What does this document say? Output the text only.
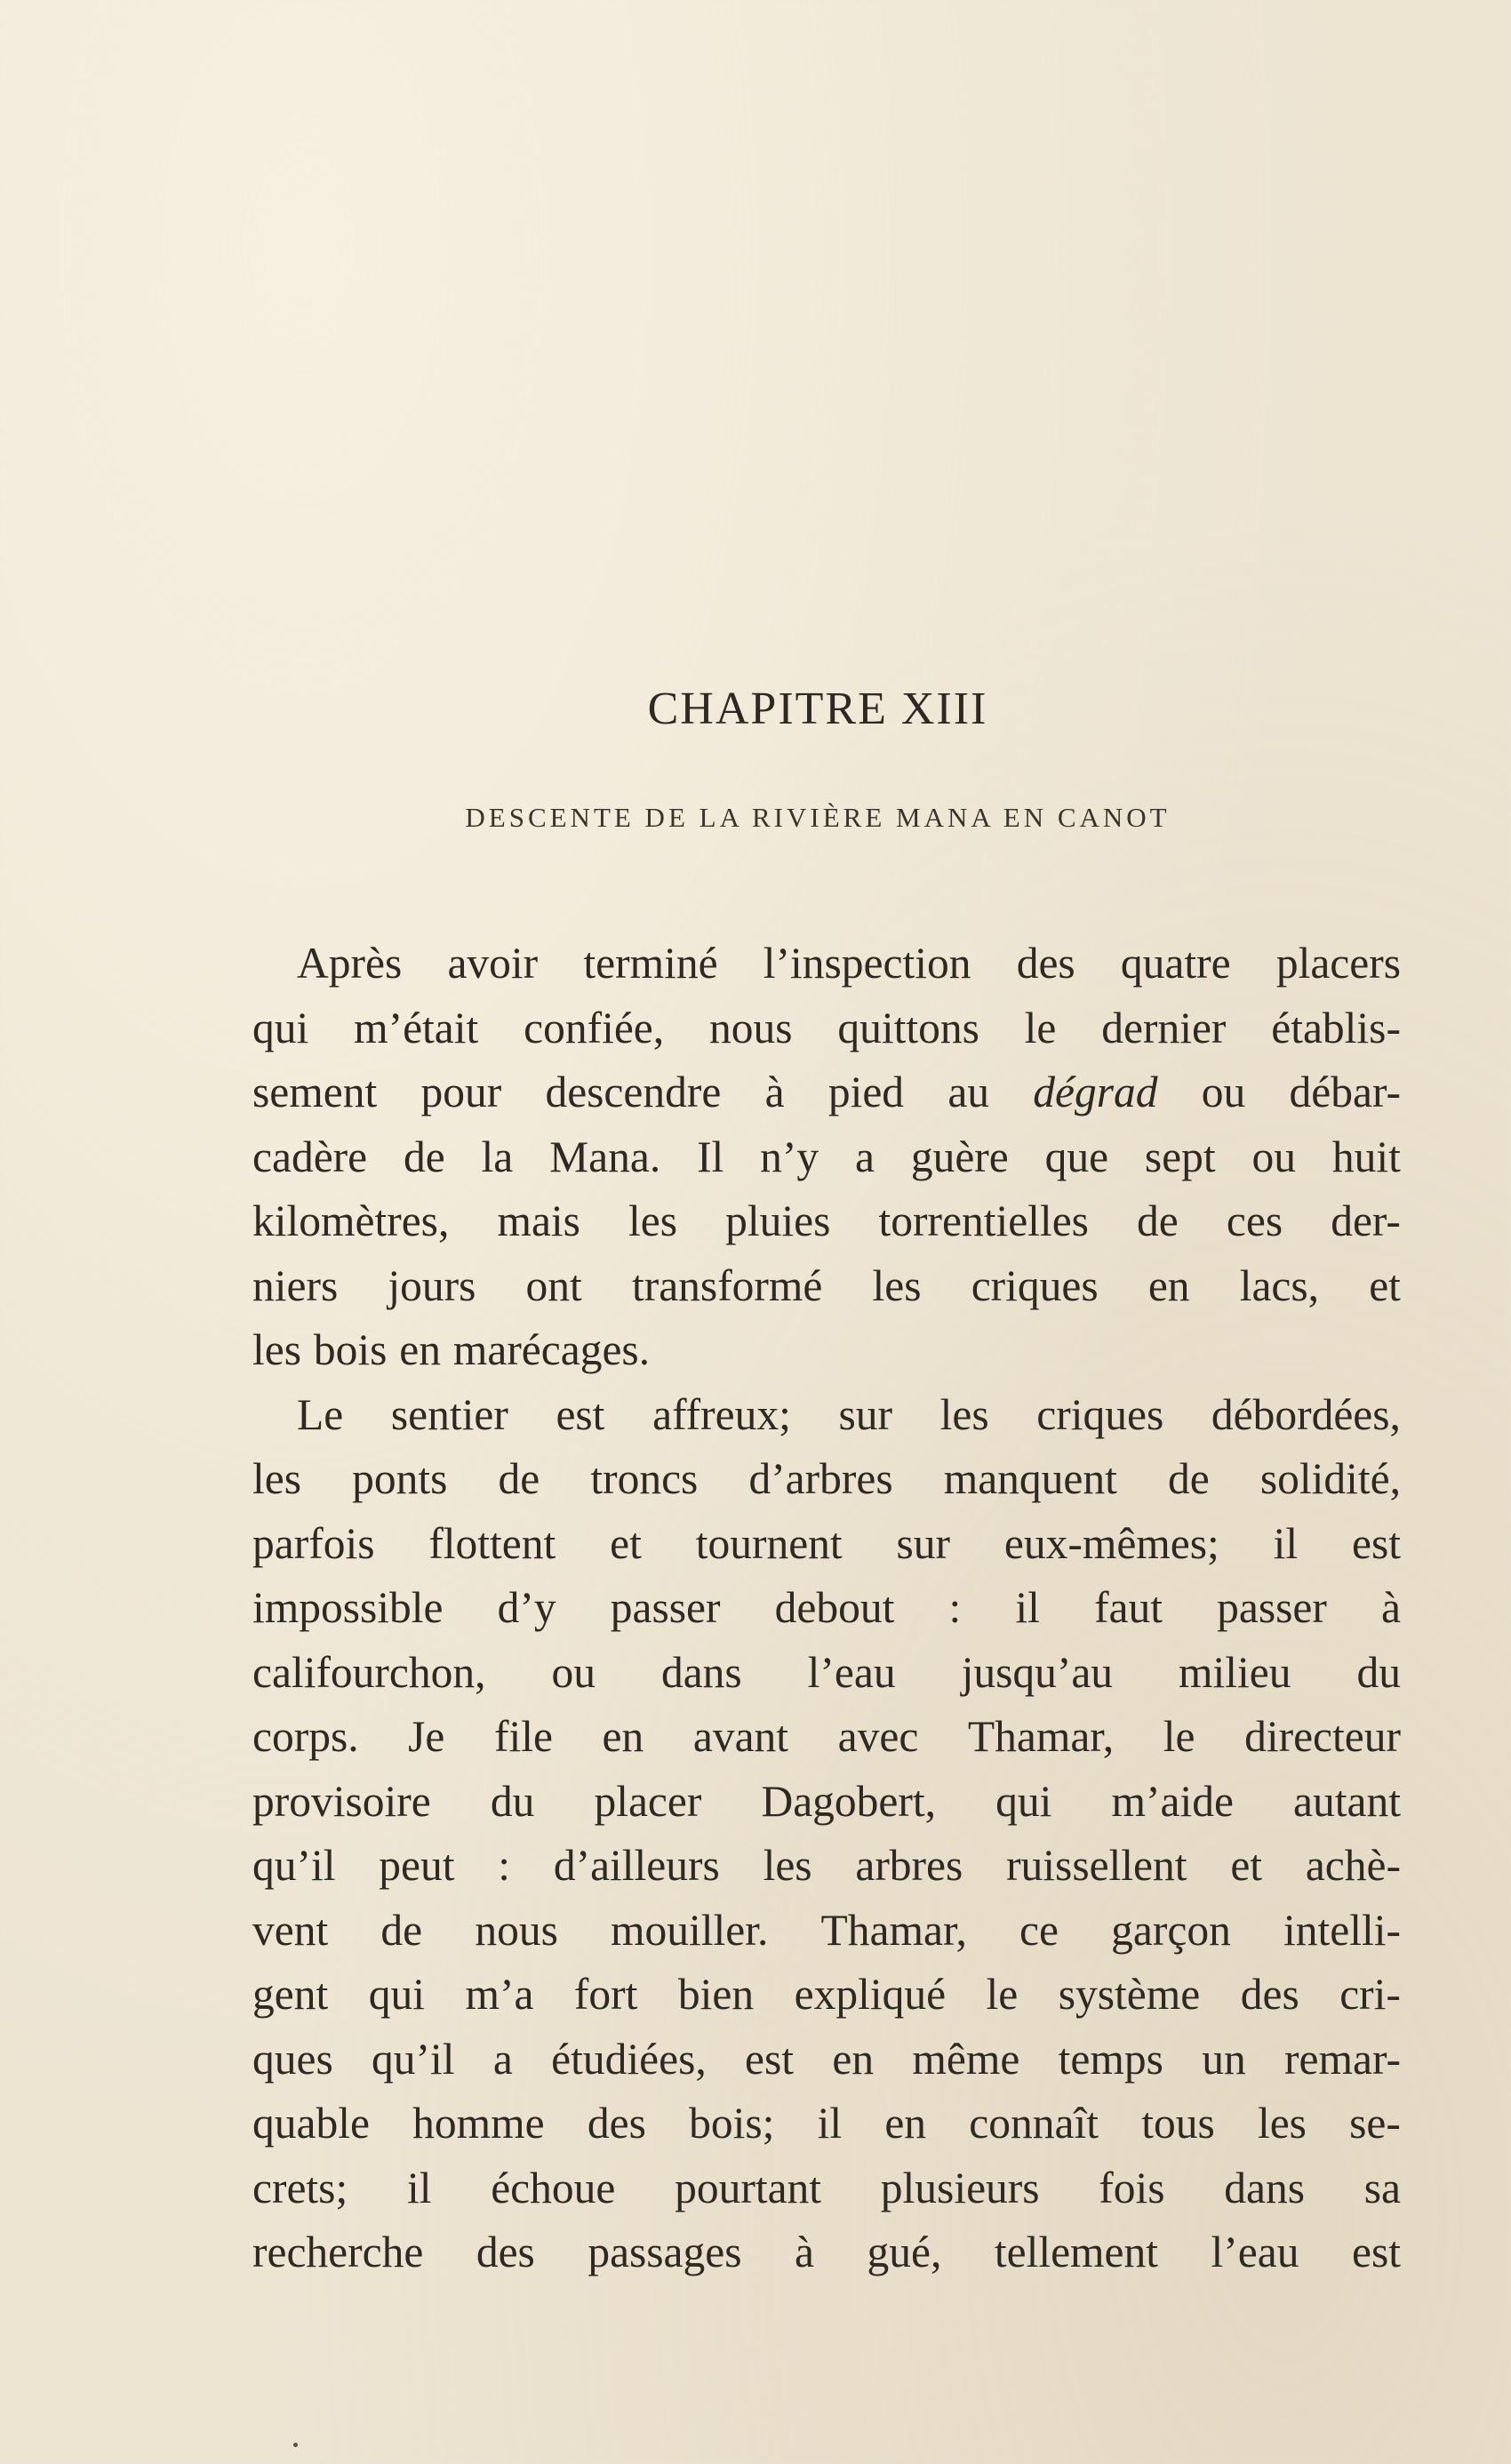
CHAPITRE XIII
DESCENTE DE LA RIVIÈRE MANA EN CANOT
Après avoir terminé l’inspection des quatre placers
qui m’était confiée, nous quittons le dernier établis-
sement pour descendre à pied au dégrad ou débar-
cadère de la Mana. Il n’y a guère que sept ou huit
kilomètres, mais les pluies torrentielles de ces der-
niers jours ont transformé les criques en lacs, et
les bois en marécages.
Le sentier est affreux; sur les criques débordées,
les ponts de troncs d’arbres manquent de solidité,
parfois flottent et tournent sur eux-mêmes; il est
impossible d’y passer debout : il faut passer à
califourchon, ou dans l’eau jusqu’au milieu du
corps. Je file en avant avec Thamar, le directeur
provisoire du placer Dagobert, qui m’aide autant
qu’il peut : d’ailleurs les arbres ruissellent et achè-
vent de nous mouiller. Thamar, ce garçon intelli-
gent qui m’a fort bien expliqué le système des cri-
ques qu’il a étudiées, est en même temps un remar-
quable homme des bois; il en connaît tous les se-
crets; il échoue pourtant plusieurs fois dans sa
recherche des passages à gué, tellement l’eau est
